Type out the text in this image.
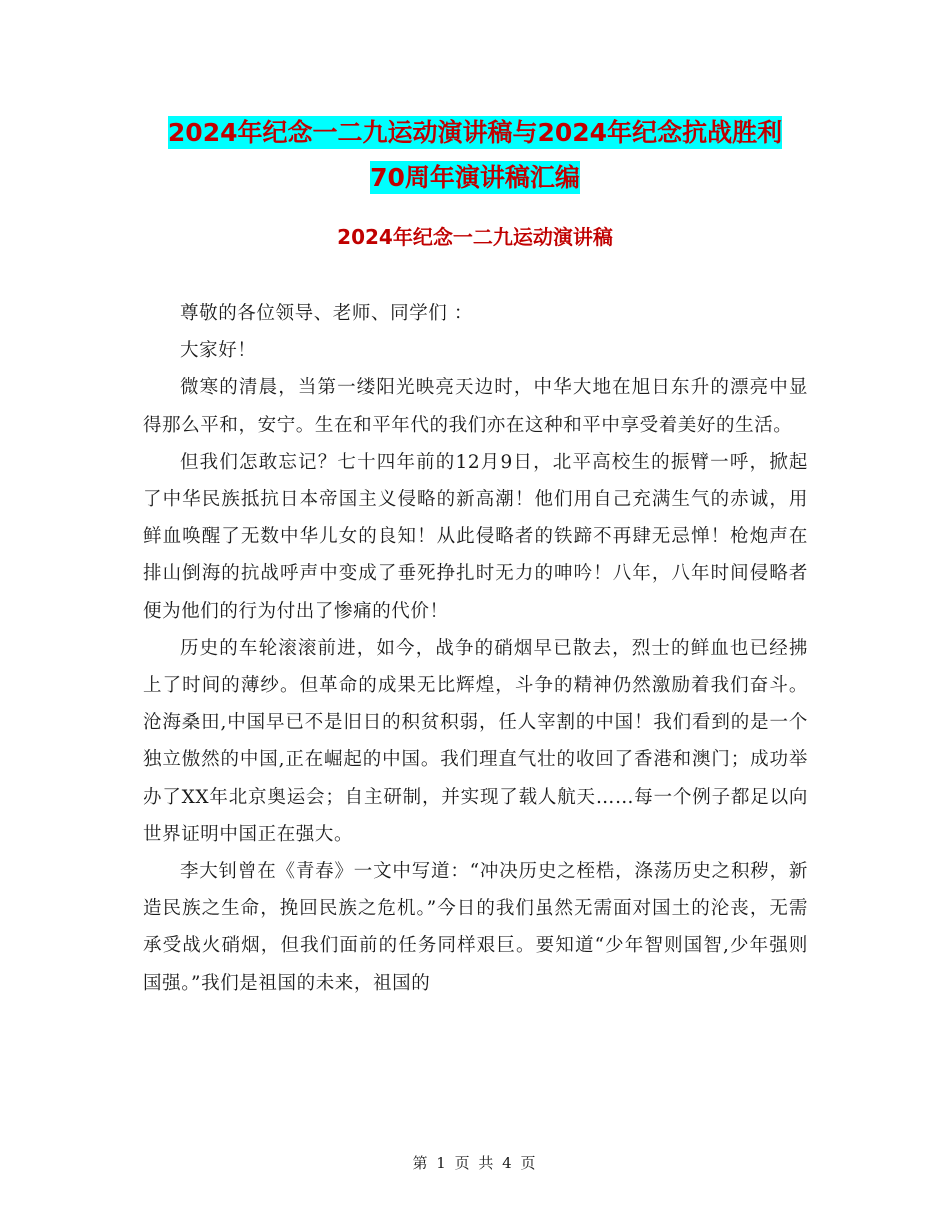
2024年纪念一二九运动演讲稿与2024年纪念抗战胜利
70周年演讲稿汇编
2024年纪念一二九运动演讲稿

尊敬的各位领导、老师、同学们 ：

大家好！

微寒的清晨，当第一缕阳光映亮天边时，中华大地在旭日东升的漂亮中显得那么平和，安宁。生在和平年代的我们亦在这种和平中享受着美好的生活。

但我们怎敢忘记？七十四年前的12月9日，北平高校生的振臂一呼，掀起了中华民族抵抗日本帝国主义侵略的新高潮！他们用自己充满生气的赤诚，用鲜血唤醒了无数中华儿女的良知！从此侵略者的铁蹄不再肆无忌惮！枪炮声在排山倒海的抗战呼声中变成了垂死挣扎时无力的呻吟！八年，八年时间侵略者便为他们的行为付出了惨痛的代价！

历史的车轮滚滚前进，如今，战争的硝烟早已散去，烈士的鲜血也已经拂上了时间的薄纱。但革命的成果无比辉煌，斗争的精神仍然激励着我们奋斗。沧海桑田,中国早已不是旧日的积贫积弱，任人宰割的中国！我们看到的是一个独立傲然的中国,正在崛起的中国。我们理直气壮的收回了香港和澳门；成功举办了XX年北京奥运会；自主研制，并实现了载人航天……每一个例子都足以向世界证明中国正在强大。

李大钊曾在《青春》一文中写道：“冲决历史之桎梏，涤荡历史之积秽，新造民族之生命，挽回民族之危机。”今日的我们虽然无需面对国土的沦丧，无需承受战火硝烟，但我们面前的任务同样艰巨。要知道“少年智则国智,少年强则国强。”我们是祖国的未来，祖国的

第 1 页 共 4 页
